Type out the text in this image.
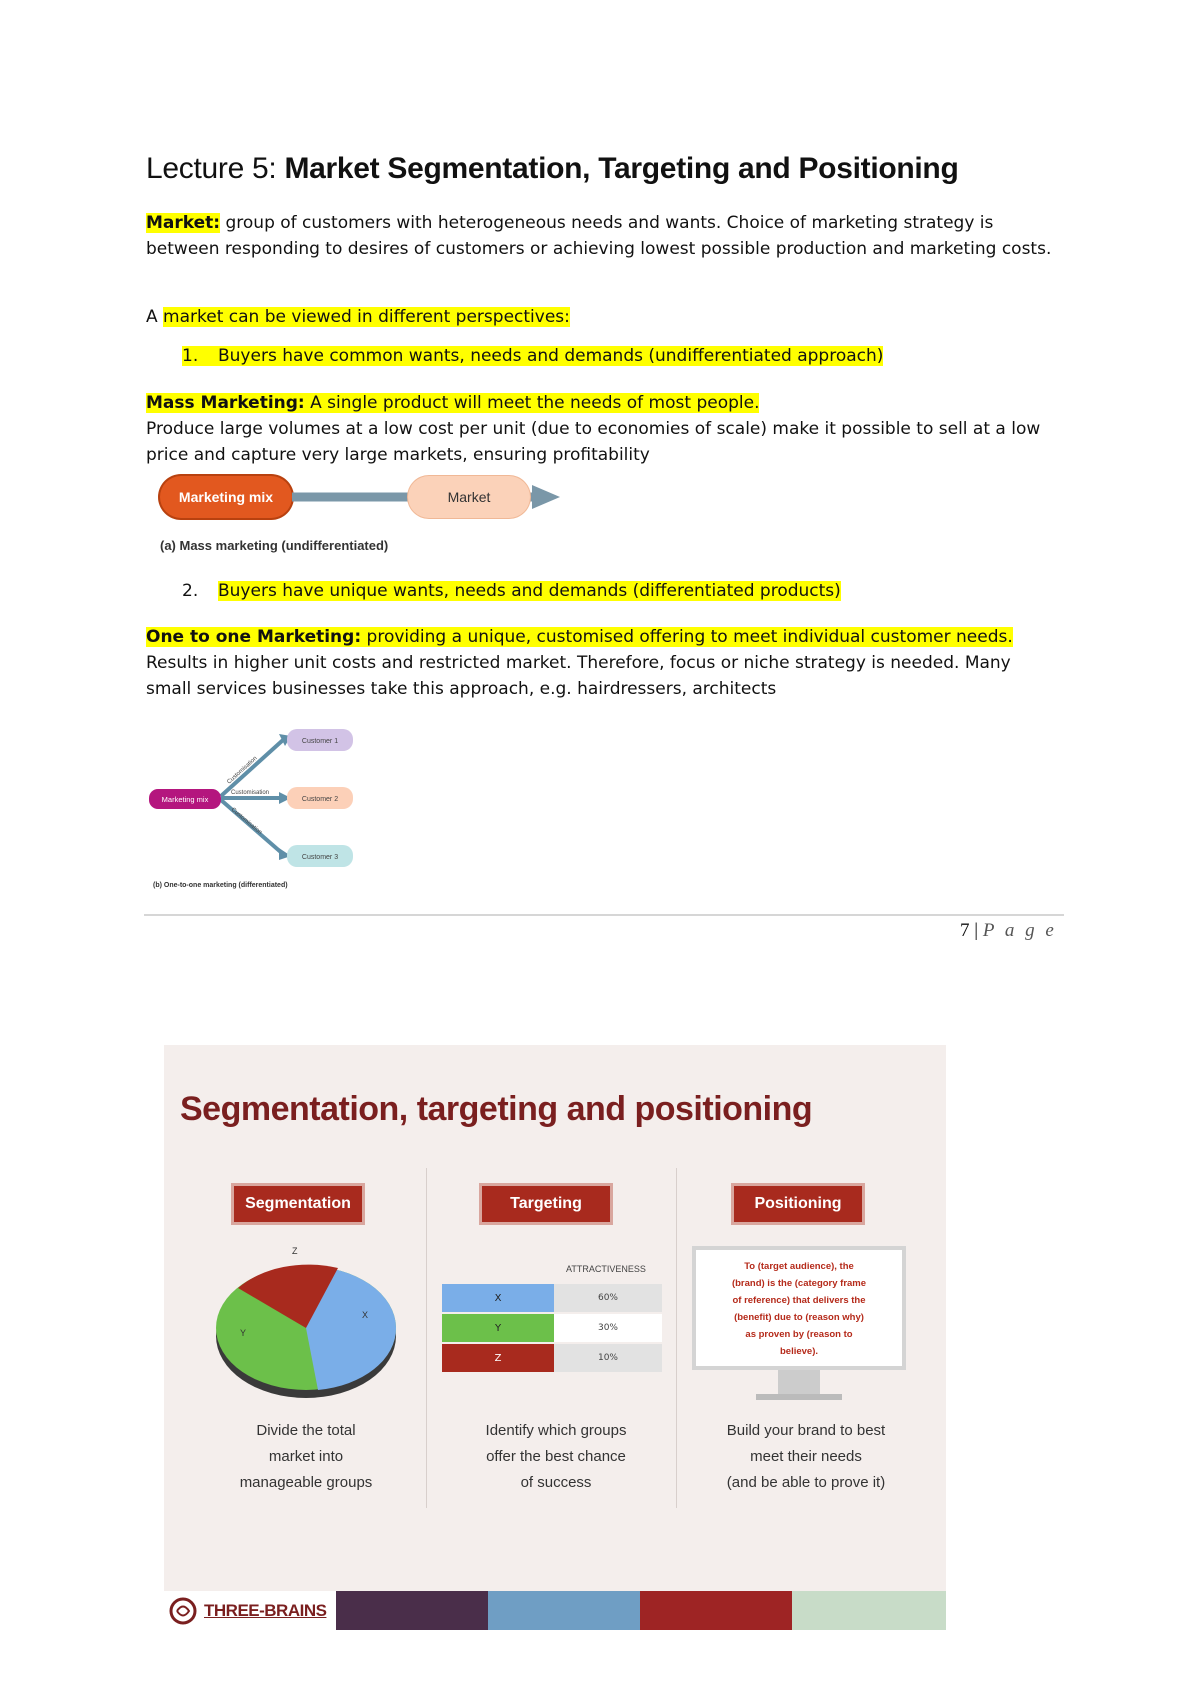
Lecture 5: Market Segmentation, Targeting and Positioning
Market: group of customers with heterogeneous needs and wants. Choice of marketing strategy is between responding to desires of customers or achieving lowest possible production and marketing costs.
A market can be viewed in different perspectives:
1. Buyers have common wants, needs and demands (undifferentiated approach)
Mass Marketing: A single product will meet the needs of most people.
Produce large volumes at a low cost per unit (due to economies of scale) make it possible to sell at a low price and capture very large markets, ensuring profitability
Marketing mix	Market
(a) Mass marketing (undifferentiated)
2. Buyers have unique wants, needs and demands (differentiated products)
One to one Marketing: providing a unique, customised offering to meet individual customer needs.
Results in higher unit costs and restricted market. Therefore, focus or niche strategy is needed. Many small services businesses take this approach, e.g. hairdressers, architects
Marketing mix
Customer 1
Customer 2
Customer 3
Customisation
Customisation
Customisation
(b) One-to-one marketing (differentiated)
7 | P a g e
Segmentation, targeting and positioning
Segmentation
Z
Y
X
Divide the total
market into
manageable groups
Targeting
ATTRACTIVENESS
X	60%
Y	30%
Z	10%
Identify which groups
offer the best chance
of success
Positioning
To (target audience), the
(brand) is the (category frame
of reference) that delivers the
(benefit) due to (reason why)
as proven by (reason to
believe).
Build your brand to best
meet their needs
(and be able to prove it)
THREE-BRAINS
